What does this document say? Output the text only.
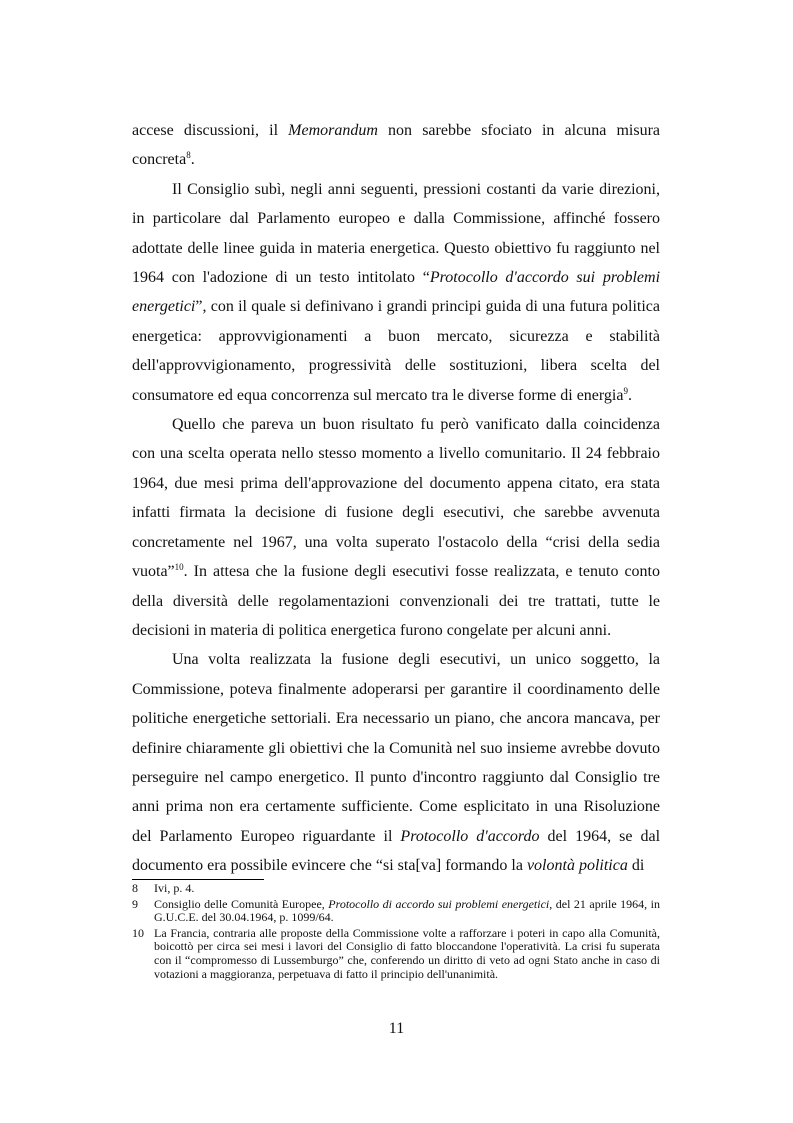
accese discussioni, il Memorandum non sarebbe sfociato in alcuna misura concreta$^8$.

Il Consiglio subì, negli anni seguenti, pressioni costanti da varie direzioni, in particolare dal Parlamento europeo e dalla Commissione, affinché fossero adottate delle linee guida in materia energetica. Questo obiettivo fu raggiunto nel 1964 con l'adozione di un testo intitolato “Protocollo d'accordo sui problemi energetici”, con il quale si definivano i grandi principi guida di una futura politica energetica: approvvigionamenti a buon mercato, sicurezza e stabilità dell'approvvigionamento, progressività delle sostituzioni, libera scelta del consumatore ed equa concorrenza sul mercato tra le diverse forme di energia$^9$.

Quello che pareva un buon risultato fu però vanificato dalla coincidenza con una scelta operata nello stesso momento a livello comunitario. Il 24 febbraio 1964, due mesi prima dell'approvazione del documento appena citato, era stata infatti firmata la decisione di fusione degli esecutivi, che sarebbe avvenuta concretamente nel 1967, una volta superato l'ostacolo della “crisi della sedia vuota”$^{10}$. In attesa che la fusione degli esecutivi fosse realizzata, e tenuto conto della diversità delle regolamentazioni convenzionali dei tre trattati, tutte le decisioni in materia di politica energetica furono congelate per alcuni anni.

Una volta realizzata la fusione degli esecutivi, un unico soggetto, la Commissione, poteva finalmente adoperarsi per garantire il coordinamento delle politiche energetiche settoriali. Era necessario un piano, che ancora mancava, per definire chiaramente gli obiettivi che la Comunità nel suo insieme avrebbe dovuto perseguire nel campo energetico. Il punto d'incontro raggiunto dal Consiglio tre anni prima non era certamente sufficiente. Come esplicitato in una Risoluzione del Parlamento Europeo riguardante il Protocollo d'accordo del 1964, se dal documento era possibile evincere che “si sta[va] formando la volontà politica di

8	Ivi, p. 4.
9	Consiglio delle Comunità Europee, Protocollo di accordo sui problemi energetici, del 21 aprile 1964, in G.U.C.E. del 30.04.1964, p. 1099/64.
10 La Francia, contraria alle proposte della Commissione volte a rafforzare i poteri in capo alla Comunità, boicottò per circa sei mesi i lavori del Consiglio di fatto bloccandone l'operatività. La crisi fu superata con il “compromesso di Lussemburgo” che, conferendo un diritto di veto ad ogni Stato anche in caso di votazioni a maggioranza, perpetuava di fatto il principio dell'unanimità.
11
